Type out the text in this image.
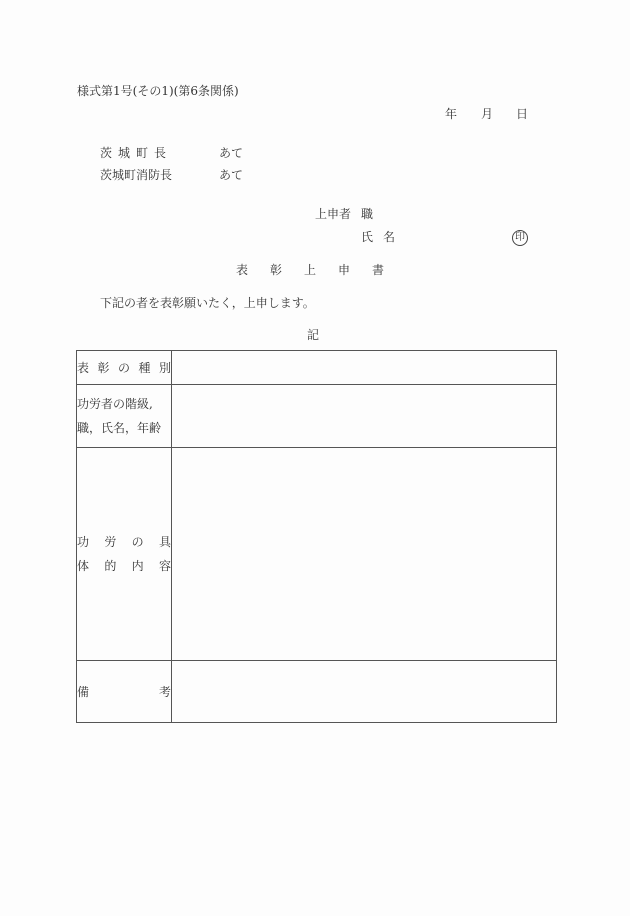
様式第1号(その1)(第6条関係)
年 月 日
茨城町長	あて
茨城町消防長	あて
上申者 職
氏名	印
表 彰 上 申 書
下記の者を表彰願いたく，上申します。
記
表 彰 の 種 別	

功労者の階級,
職，氏名，年齢	

功 労 の 具
体 的 内 容

備 考	
